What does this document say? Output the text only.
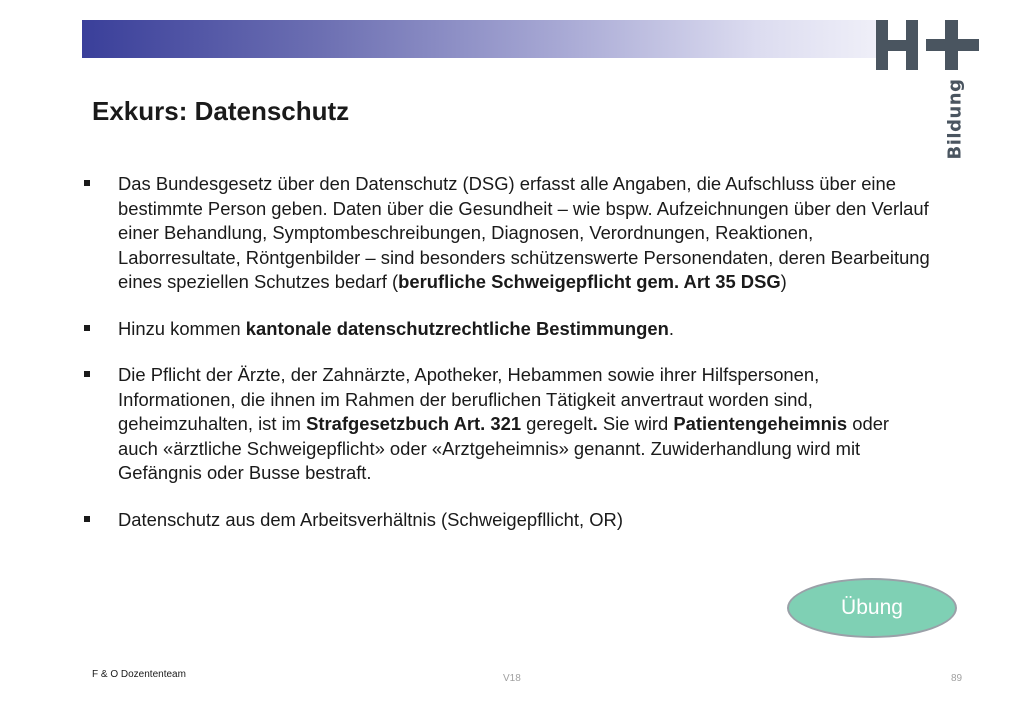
Bildung
Exkurs: Datenschutz
Das Bundesgesetz über den Datenschutz (DSG) erfasst alle Angaben, die Aufschluss über eine bestimmte Person geben. Daten über die Gesundheit – wie bspw. Aufzeichnungen über den Verlauf einer Behandlung, Symptombeschreibungen, Diagnosen, Verordnungen, Reaktionen, Laborresultate, Röntgenbilder – sind besonders schützenswerte Personendaten, deren Bearbeitung eines speziellen Schutzes bedarf (berufliche Schweigepflicht gem. Art 35 DSG)
Hinzu kommen kantonale datenschutzrechtliche Bestimmungen.
Die Pflicht der Ärzte, der Zahnärzte, Apotheker, Hebammen sowie ihrer Hilfspersonen, Informationen, die ihnen im Rahmen der beruflichen Tätigkeit anvertraut worden sind, geheimzuhalten, ist im Strafgesetzbuch Art. 321 geregelt. Sie wird Patientengeheimnis oder auch «ärztliche Schweigepflicht» oder «Arztgeheimnis» genannt. Zuwiderhandlung wird mit Gefängnis oder Busse bestraft.
Datenschutz aus dem Arbeitsverhältnis (Schweigepfllicht, OR)
Übung
F & O Dozententeam	V18	89
